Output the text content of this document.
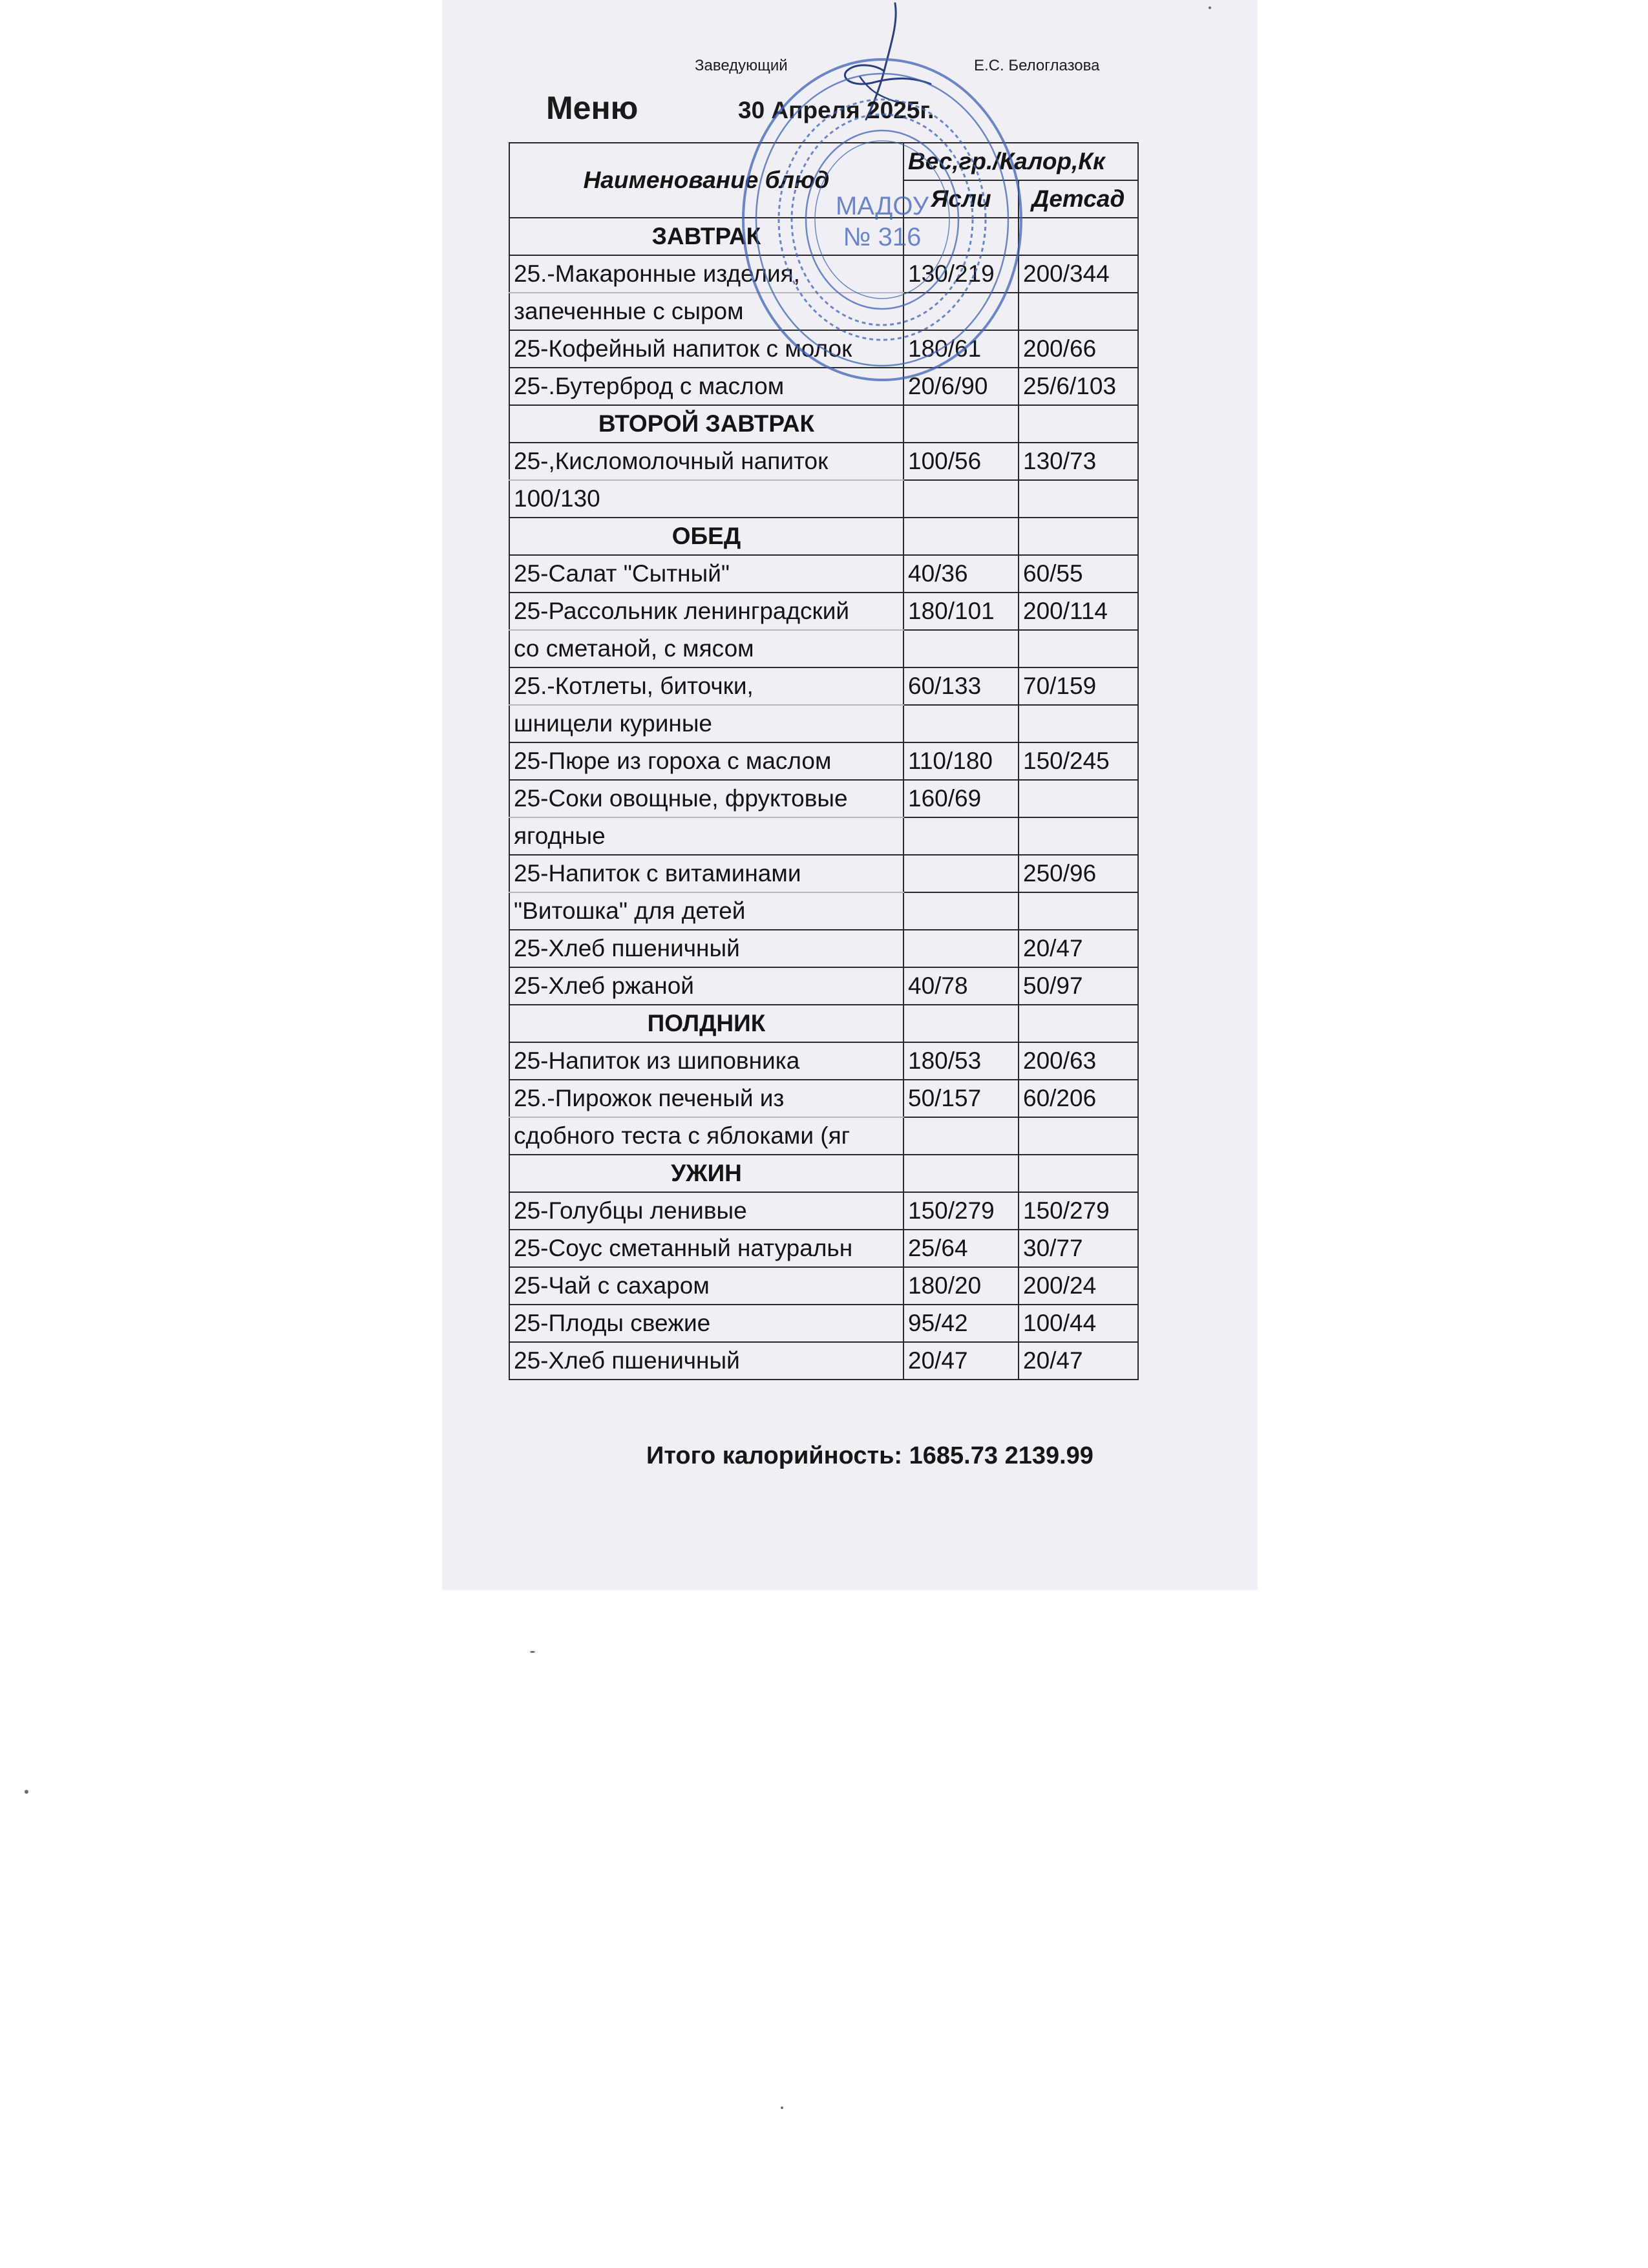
Заведующий	Е.С. Белоглазова
Меню	30 Апреля 2025г.
Наименование блюд	Вес,гр./Калор,Кк	
	Ясли	Детсад
ЗАВТРАК		
25.-Макаронные изделия,	130/219	200/344
запеченные с сыром		
25-Кофейный напиток с молок	180/61	200/66
25-.Бутерброд с маслом	20/6/90	25/6/103
ВТОРОЙ ЗАВТРАК		
25-,Кисломолочный напиток	100/56	130/73
100/130		
ОБЕД		
25-Салат "Сытный"	40/36	60/55
25-Рассольник ленинградский	180/101	200/114
со сметаной, с мясом		
25.-Котлеты, биточки,	60/133	70/159
шницели куриные		
25-Пюре из гороха с маслом	110/180	150/245
25-Соки овощные, фруктовые	160/69	
ягодные		
25-Напиток с витаминами		250/96
"Витошка" для детей		
25-Хлеб пшеничный		20/47
25-Хлеб ржаной	40/78	50/97
ПОЛДНИК		
25-Напиток из шиповника	180/53	200/63
25.-Пирожок печеный из	50/157	60/206
сдобного теста с яблоками (яг		
УЖИН		
25-Голубцы ленивые	150/279	150/279
25-Соус сметанный натуральн	25/64	30/77
25-Чай с сахаром	180/20	200/24
25-Плоды свежие	95/42	100/44
25-Хлеб пшеничный	20/47	20/47
МАДОУ
№ 316
Итого калорийность: 1685.73 2139.99
